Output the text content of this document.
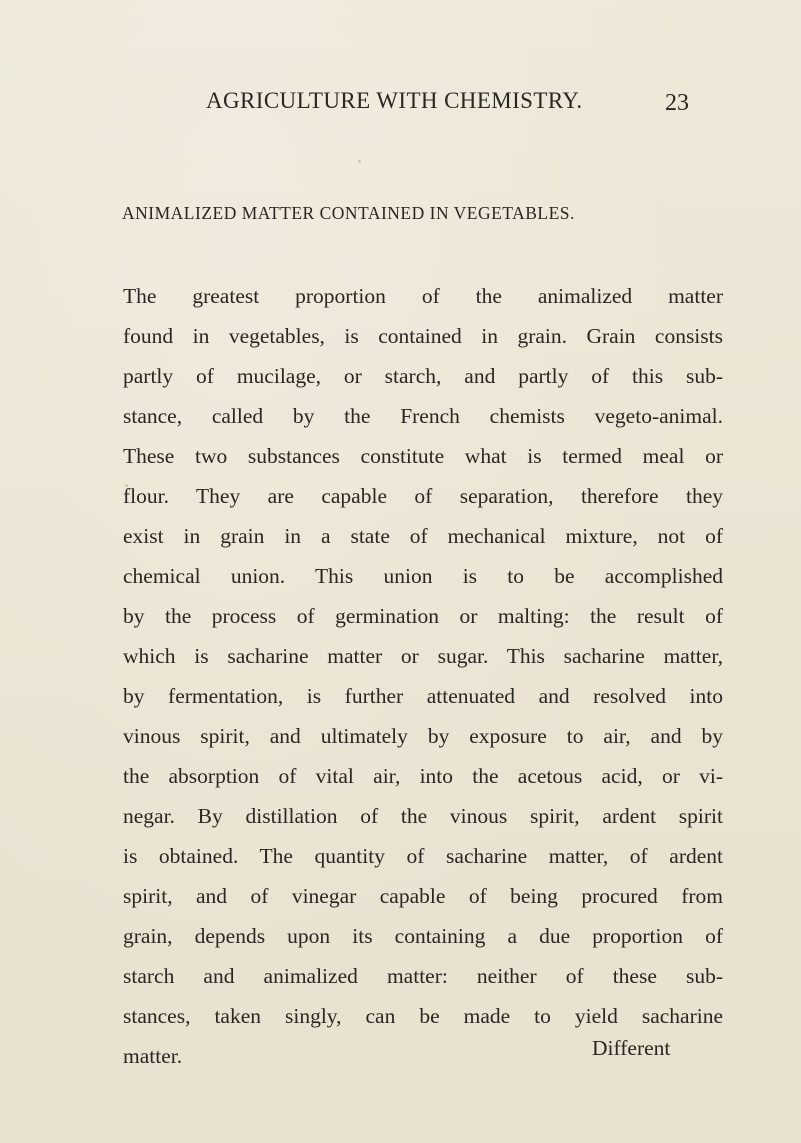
AGRICULTURE WITH CHEMISTRY.	23
ANIMALIZED MATTER CONTAINED IN VEGETABLES.
The greatest proportion of the animalized matter
found in vegetables, is contained in grain. Grain consists
partly of mucilage, or starch, and partly of this sub-
stance, called by the French chemists vegeto-animal.
These two substances constitute what is termed meal or
flour. They are capable of separation, therefore they
exist in grain in a state of mechanical mixture, not of
chemical union. This union is to be accomplished
by the process of germination or malting: the result of
which is sacharine matter or sugar. This sacharine matter,
by fermentation, is further attenuated and resolved into
vinous spirit, and ultimately by exposure to air, and by
the absorption of vital air, into the acetous acid, or vi-
negar. By distillation of the vinous spirit, ardent spirit
is obtained. The quantity of sacharine matter, of ardent
spirit, and of vinegar capable of being procured from
grain, depends upon its containing a due proportion of
starch and animalized matter: neither of these sub-
stances, taken singly, can be made to yield sacharine
matter.	Different
